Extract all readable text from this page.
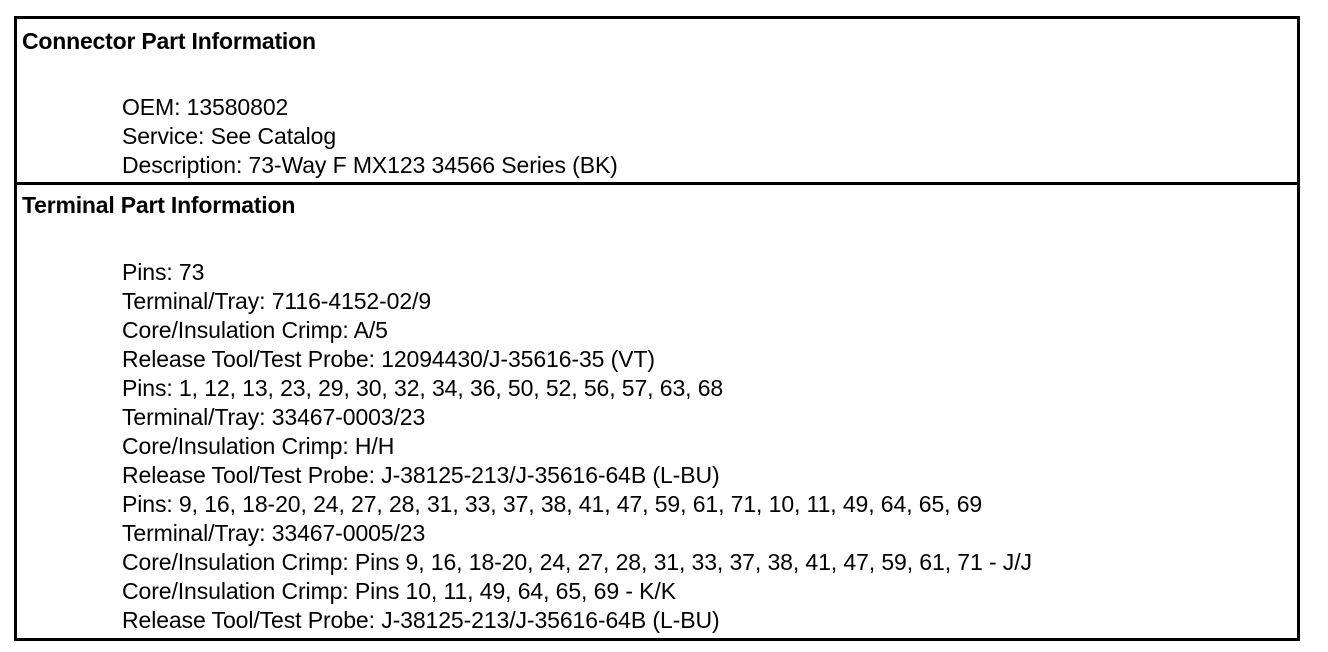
Connector Part Information
OEM: 13580802
Service: See Catalog
Description: 73-Way F MX123 34566 Series (BK)
Terminal Part Information
Pins: 73
Terminal/Tray: 7116-4152-02/9
Core/Insulation Crimp: A/5
Release Tool/Test Probe: 12094430/J-35616-35 (VT)
Pins: 1, 12, 13, 23, 29, 30, 32, 34, 36, 50, 52, 56, 57, 63, 68
Terminal/Tray: 33467-0003/23
Core/Insulation Crimp: H/H
Release Tool/Test Probe: J-38125-213/J-35616-64B (L-BU)
Pins: 9, 16, 18-20, 24, 27, 28, 31, 33, 37, 38, 41, 47, 59, 61, 71, 10, 11, 49, 64, 65, 69
Terminal/Tray: 33467-0005/23
Core/Insulation Crimp: Pins 9, 16, 18-20, 24, 27, 28, 31, 33, 37, 38, 41, 47, 59, 61, 71 - J/J
Core/Insulation Crimp: Pins 10, 11, 49, 64, 65, 69 - K/K
Release Tool/Test Probe: J-38125-213/J-35616-64B (L-BU)
